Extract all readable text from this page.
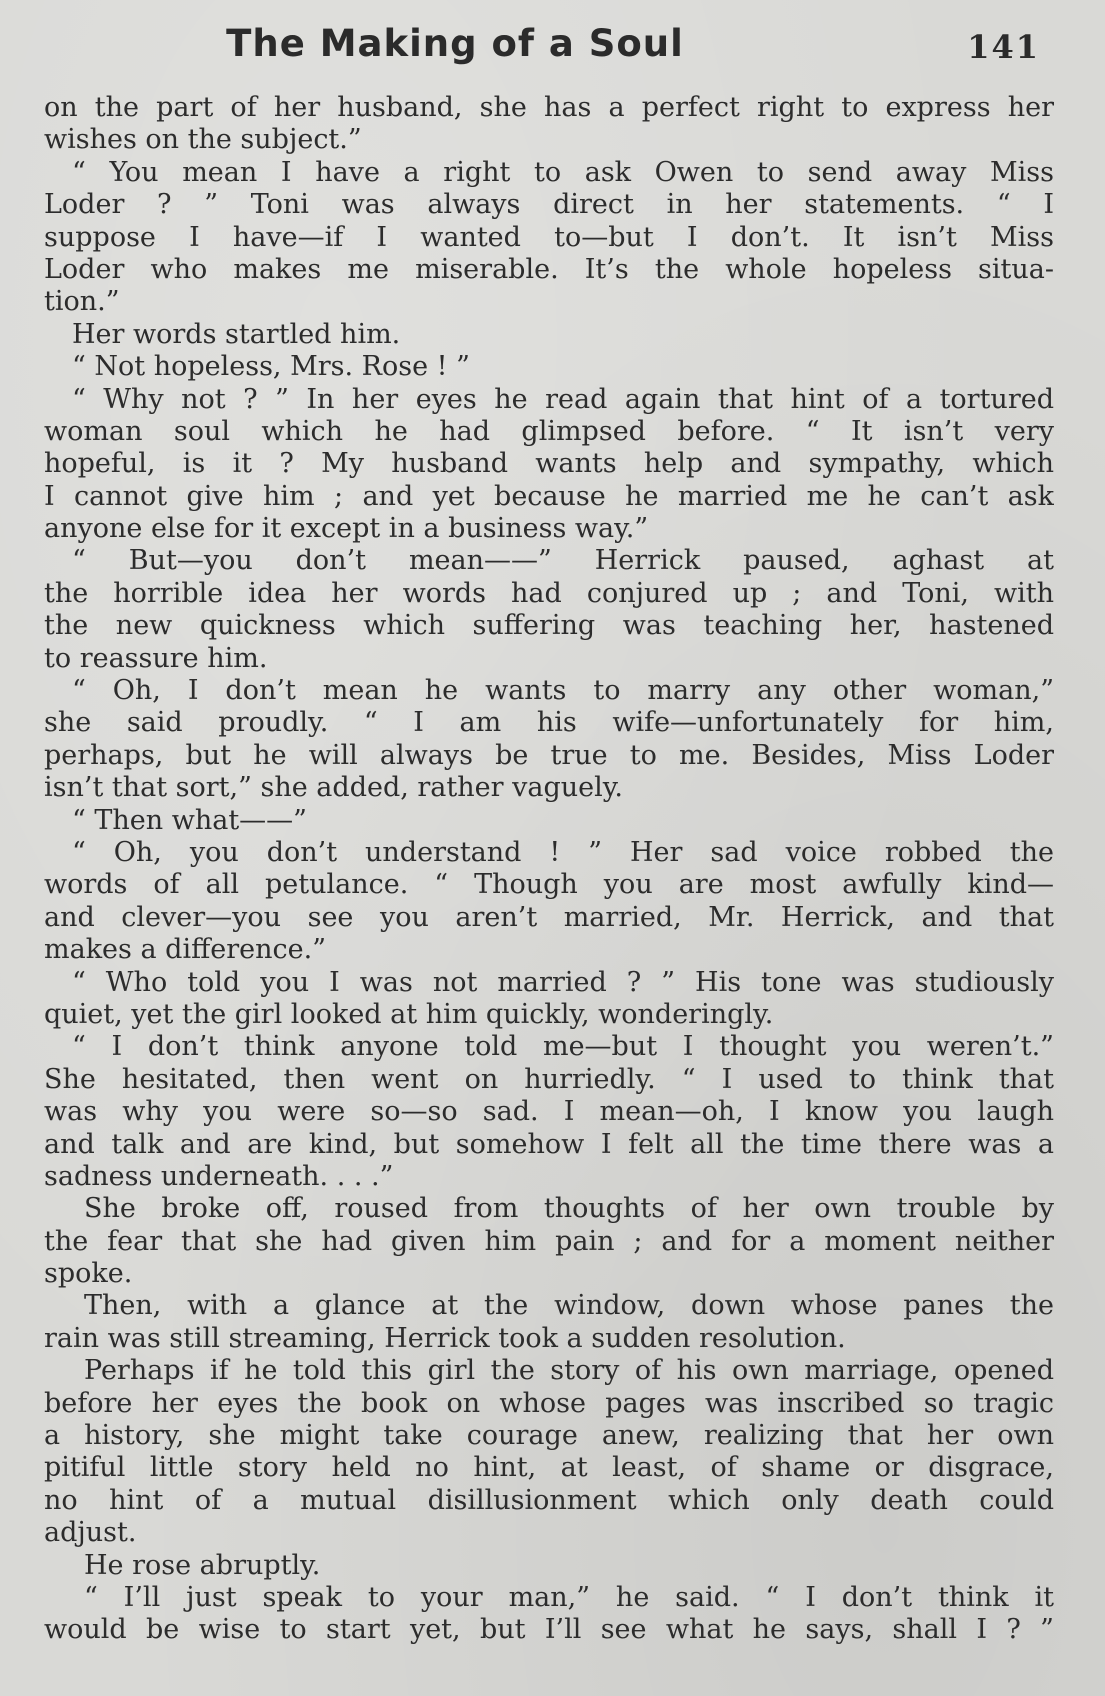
The Making of a Soul	141
on the part of her husband, she has a perfect right to express her
wishes on the subject.”
“ You mean I have a right to ask Owen to send away Miss
Loder ? ” Toni was always direct in her statements. “ I
suppose I have—if I wanted to—but I don’t. It isn’t Miss
Loder who makes me miserable. It’s the whole hopeless situa-
tion.”
Her words startled him.
“ Not hopeless, Mrs. Rose ! ”
“ Why not ? ” In her eyes he read again that hint of a tortured
woman soul which he had glimpsed before. “ It isn’t very
hopeful, is it ? My husband wants help and sympathy, which
I cannot give him ; and yet because he married me he can’t ask
anyone else for it except in a business way.”
“ But—you don’t mean——” Herrick paused, aghast at
the horrible idea her words had conjured up ; and Toni, with
the new quickness which suffering was teaching her, hastened
to reassure him.
“ Oh, I don’t mean he wants to marry any other woman,”
she said proudly. “ I am his wife—unfortunately for him,
perhaps, but he will always be true to me. Besides, Miss Loder
isn’t that sort,” she added, rather vaguely.
“ Then what——”
“ Oh, you don’t understand ! ” Her sad voice robbed the
words of all petulance. “ Though you are most awfully kind—
and clever—you see you aren’t married, Mr. Herrick, and that
makes a difference.”
“ Who told you I was not married ? ” His tone was studiously
quiet, yet the girl looked at him quickly, wonderingly.
“ I don’t think anyone told me—but I thought you weren’t.”
She hesitated, then went on hurriedly. “ I used to think that
was why you were so—so sad. I mean—oh, I know you laugh
and talk and are kind, but somehow I felt all the time there was a
sadness underneath. . . .”
She broke off, roused from thoughts of her own trouble by
the fear that she had given him pain ; and for a moment neither
spoke.
Then, with a glance at the window, down whose panes the
rain was still streaming, Herrick took a sudden resolution.
Perhaps if he told this girl the story of his own marriage, opened
before her eyes the book on whose pages was inscribed so tragic
a history, she might take courage anew, realizing that her own
pitiful little story held no hint, at least, of shame or disgrace,
no hint of a mutual disillusionment which only death could
adjust.
He rose abruptly.
“ I’ll just speak to your man,” he said. “ I don’t think it
would be wise to start yet, but I’ll see what he says, shall I ? ”
